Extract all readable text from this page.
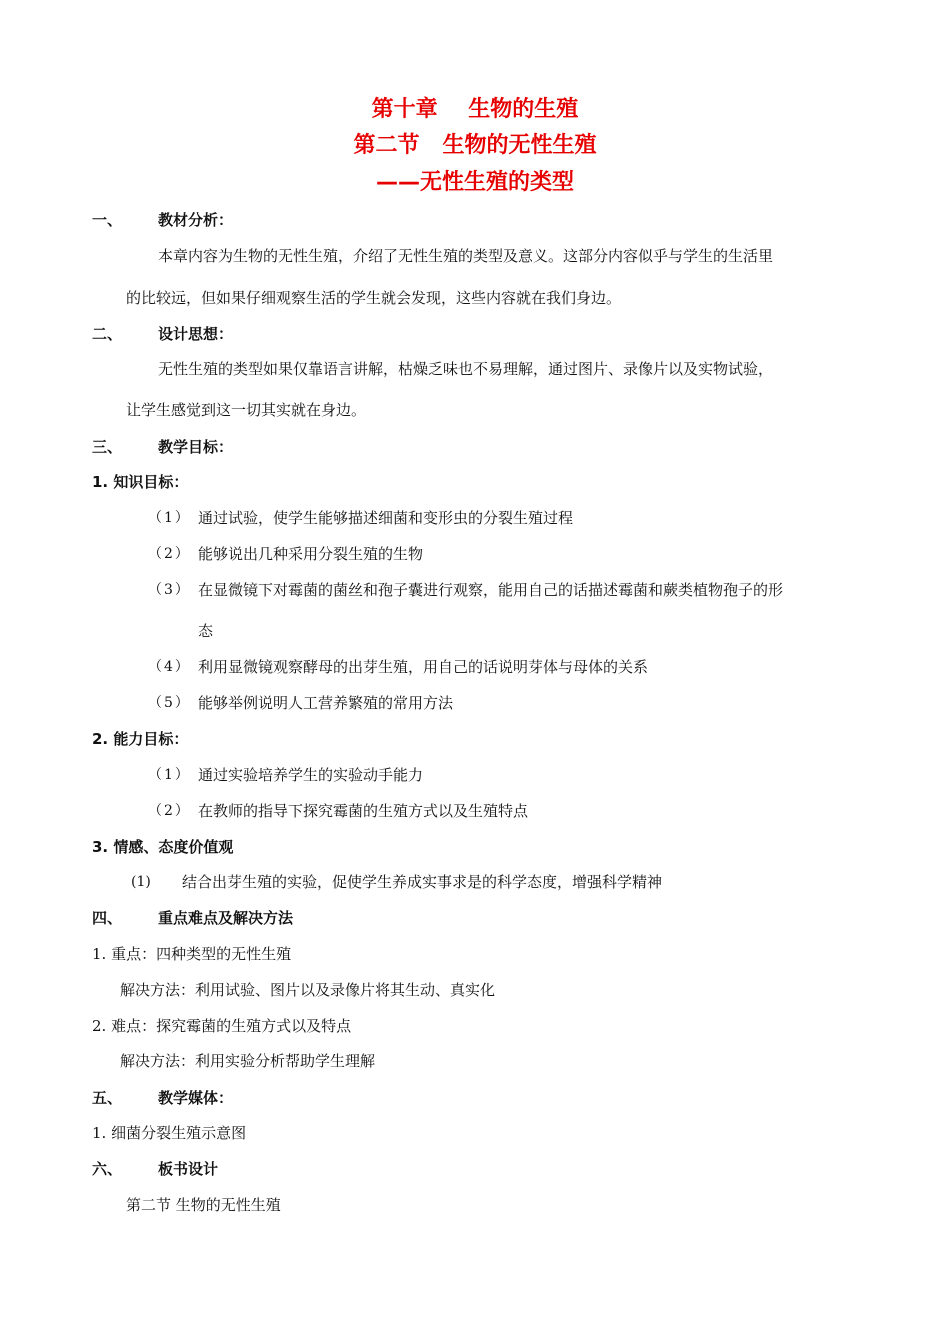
第十章    生物的生殖
第二节   生物的无性生殖
——无性生殖的类型
一、 教材分析：
本章内容为生物的无性生殖，介绍了无性生殖的类型及意义。这部分内容似乎与学生的生活里
的比较远，但如果仔细观察生活的学生就会发现，这些内容就在我们身边。
二、 设计思想：
无性生殖的类型如果仅靠语言讲解，枯燥乏味也不易理解，通过图片、录像片以及实物试验，
让学生感觉到这一切其实就在身边。
三、 教学目标：
1. 知识目标：
（1） 通过试验，使学生能够描述细菌和变形虫的分裂生殖过程
（2） 能够说出几种采用分裂生殖的生物
（3） 在显微镜下对霉菌的菌丝和孢子囊进行观察，能用自己的话描述霉菌和蕨类植物孢子的形
态
（4） 利用显微镜观察酵母的出芽生殖，用自己的话说明芽体与母体的关系
（5） 能够举例说明人工营养繁殖的常用方法
2. 能力目标：
（1） 通过实验培养学生的实验动手能力
（2） 在教师的指导下探究霉菌的生殖方式以及生殖特点
3. 情感、态度价值观
(1) 结合出芽生殖的实验，促使学生养成实事求是的科学态度，增强科学精神
四、 重点难点及解决方法
1. 重点：四种类型的无性生殖
解决方法：利用试验、图片以及录像片将其生动、真实化
2. 难点：探究霉菌的生殖方式以及特点
解决方法：利用实验分析帮助学生理解
五、 教学媒体：
1. 细菌分裂生殖示意图
六、 板书设计
第二节 生物的无性生殖
